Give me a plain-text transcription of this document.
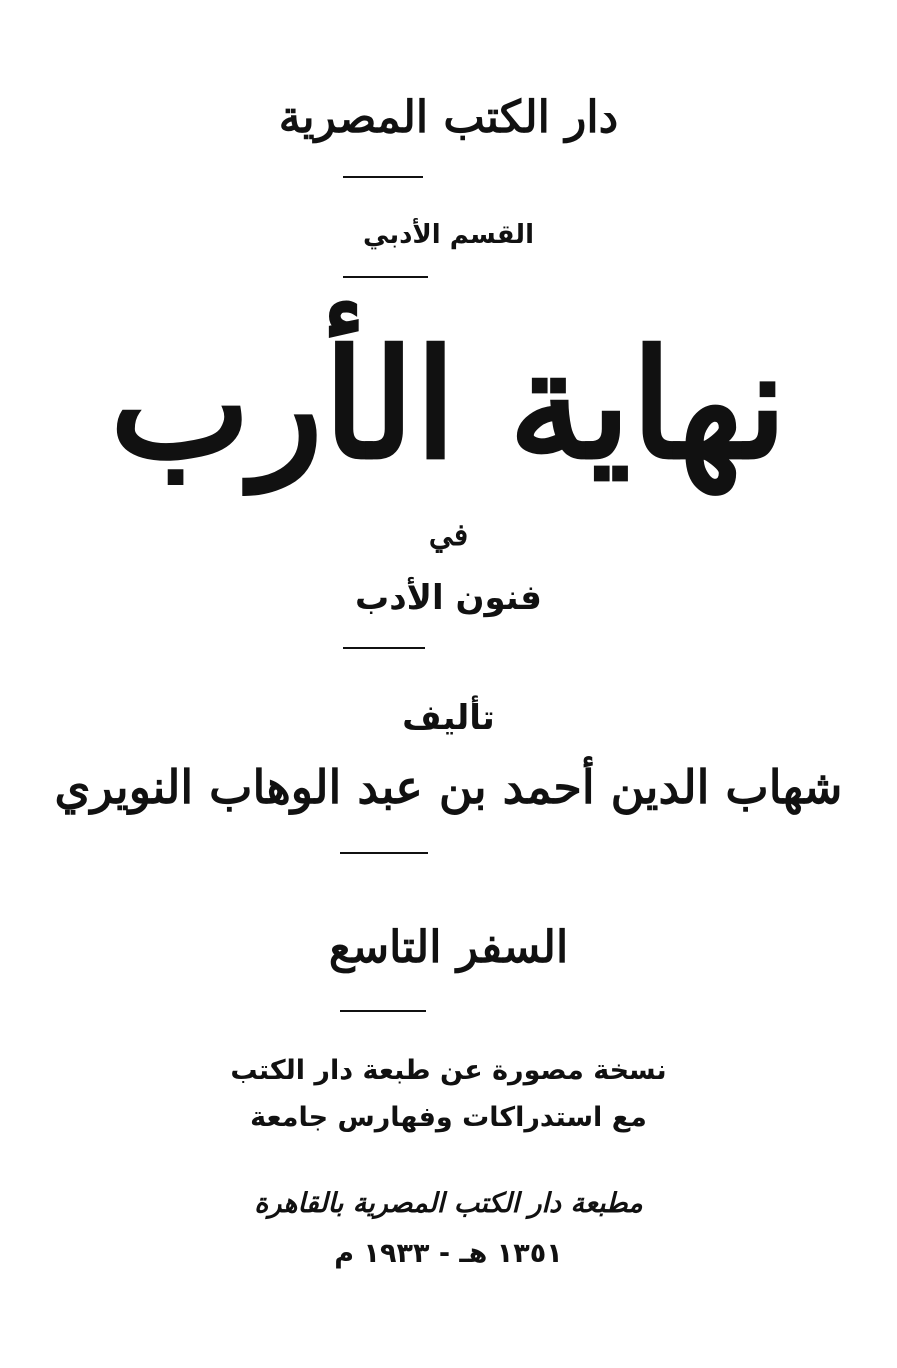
دار الكتب المصرية
القسم الأدبي
نهاية الأرب
في
فنون الأدب
تأليف
شهاب الدين أحمد بن عبد الوهاب النويري
السفر التاسع
نسخة مصورة عن طبعة دار الكتب
مع استدراكات وفهارس جامعة
مطبعة دار الكتب المصرية بالقاهرة
١٣٥١ هـ - ١٩٣٣ م
